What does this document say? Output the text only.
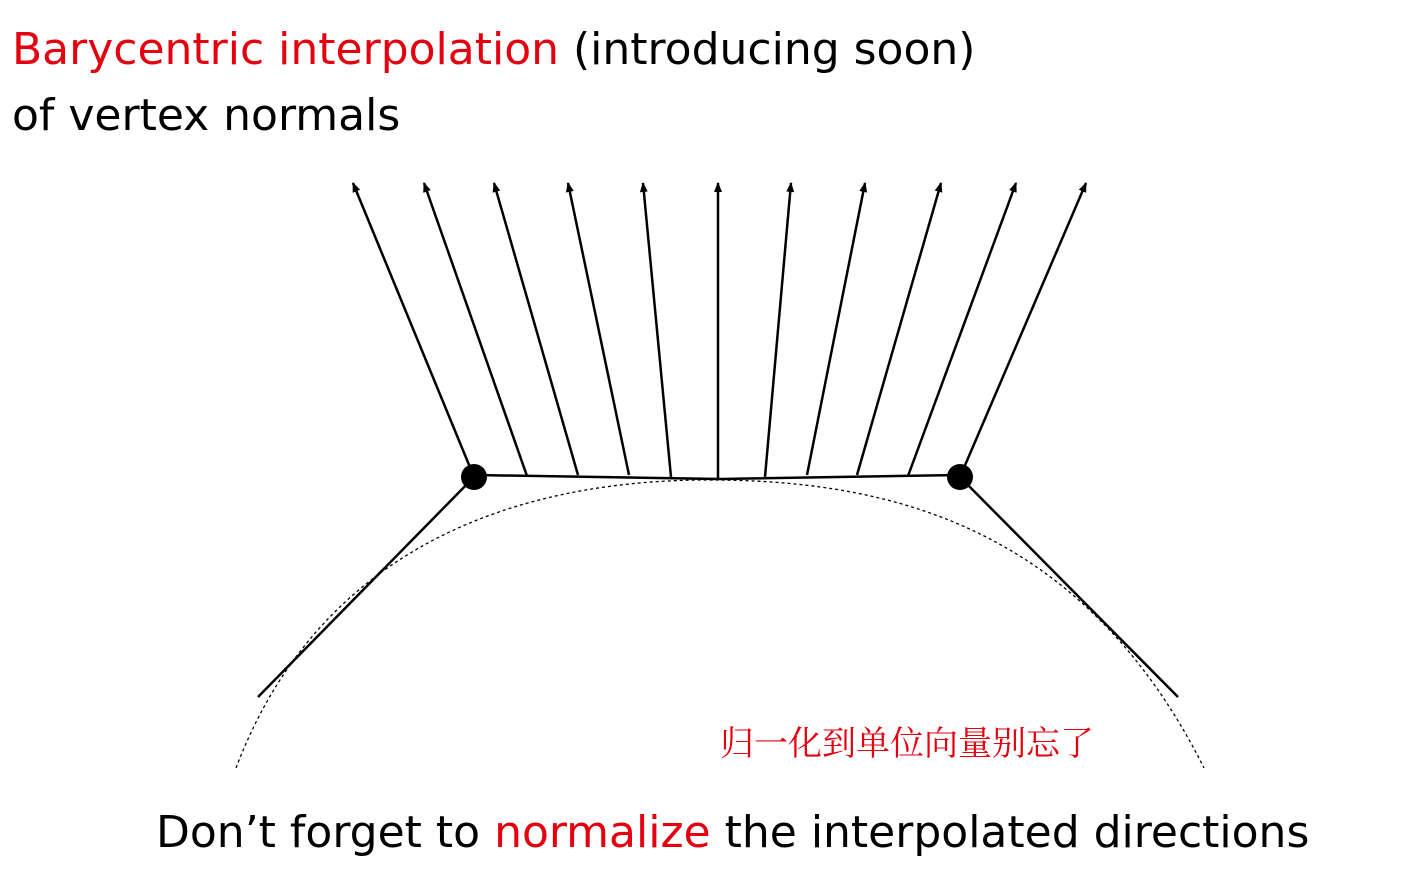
Barycentric interpolation (introducing soon)
of vertex normals
归一化到单位向量别忘了
Don’t forget to normalize the interpolated directions
